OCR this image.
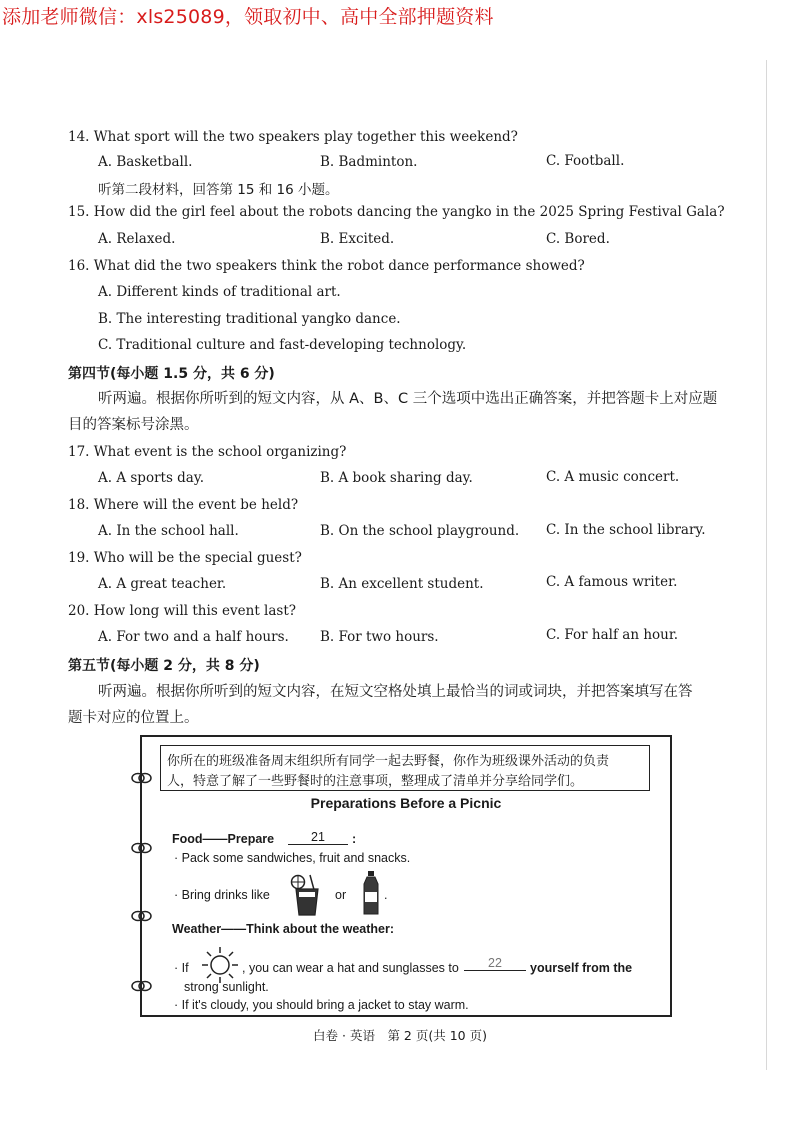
添加老师微信：xls25089，领取初中、高中全部押题资料
14. What sport will the two speakers play together this weekend?
A. Basketball.	B. Badminton.	C. Football.
听第二段材料，回答第 15 和 16 小题。
15. How did the girl feel about the robots dancing the yangko in the 2025 Spring Festival Gala?
A. Relaxed.	B. Excited.	C. Bored.
16. What did the two speakers think the robot dance performance showed?
A. Different kinds of traditional art.
B. The interesting traditional yangko dance.
C. Traditional culture and fast-developing technology.
第四节(每小题 1.5 分，共 6 分)
听两遍。根据你所听到的短文内容，从 A、B、C 三个选项中选出正确答案，并把答题卡上对应题
目的答案标号涂黑。
17. What event is the school organizing?
A. A sports day.	B. A book sharing day.	C. A music concert.
18. Where will the event be held?
A. In the school hall.	B. On the school playground. C. In the school library.
19. Who will be the special guest?
A. A great teacher.	B. An excellent student.	C. A famous writer.
20. How long will this event last?
A. For two and a half hours. B. For two hours.	C. For half an hour.
第五节(每小题 2 分，共 8 分)
听两遍。根据你所听到的短文内容，在短文空格处填上最恰当的词或词块，并把答案填写在答
题卡对应的位置上。
你所在的班级准备周末组织所有同学一起去野餐，你作为班级课外活动的负责
人，特意了解了一些野餐时的注意事项，整理成了清单并分享给同学们。
Preparations Before a Picnic
Food——Prepare	21	:
· Pack some sandwiches, fruit and snacks.
· Bring drinks like	or	.
Weather——Think about the weather:
· If	, you can wear a hat and sunglasses to	22	yourself from the
strong sunlight.
· If it's cloudy, you should bring a jacket to stay warm.
白卷 · 英语　第 2 页(共 10 页)
